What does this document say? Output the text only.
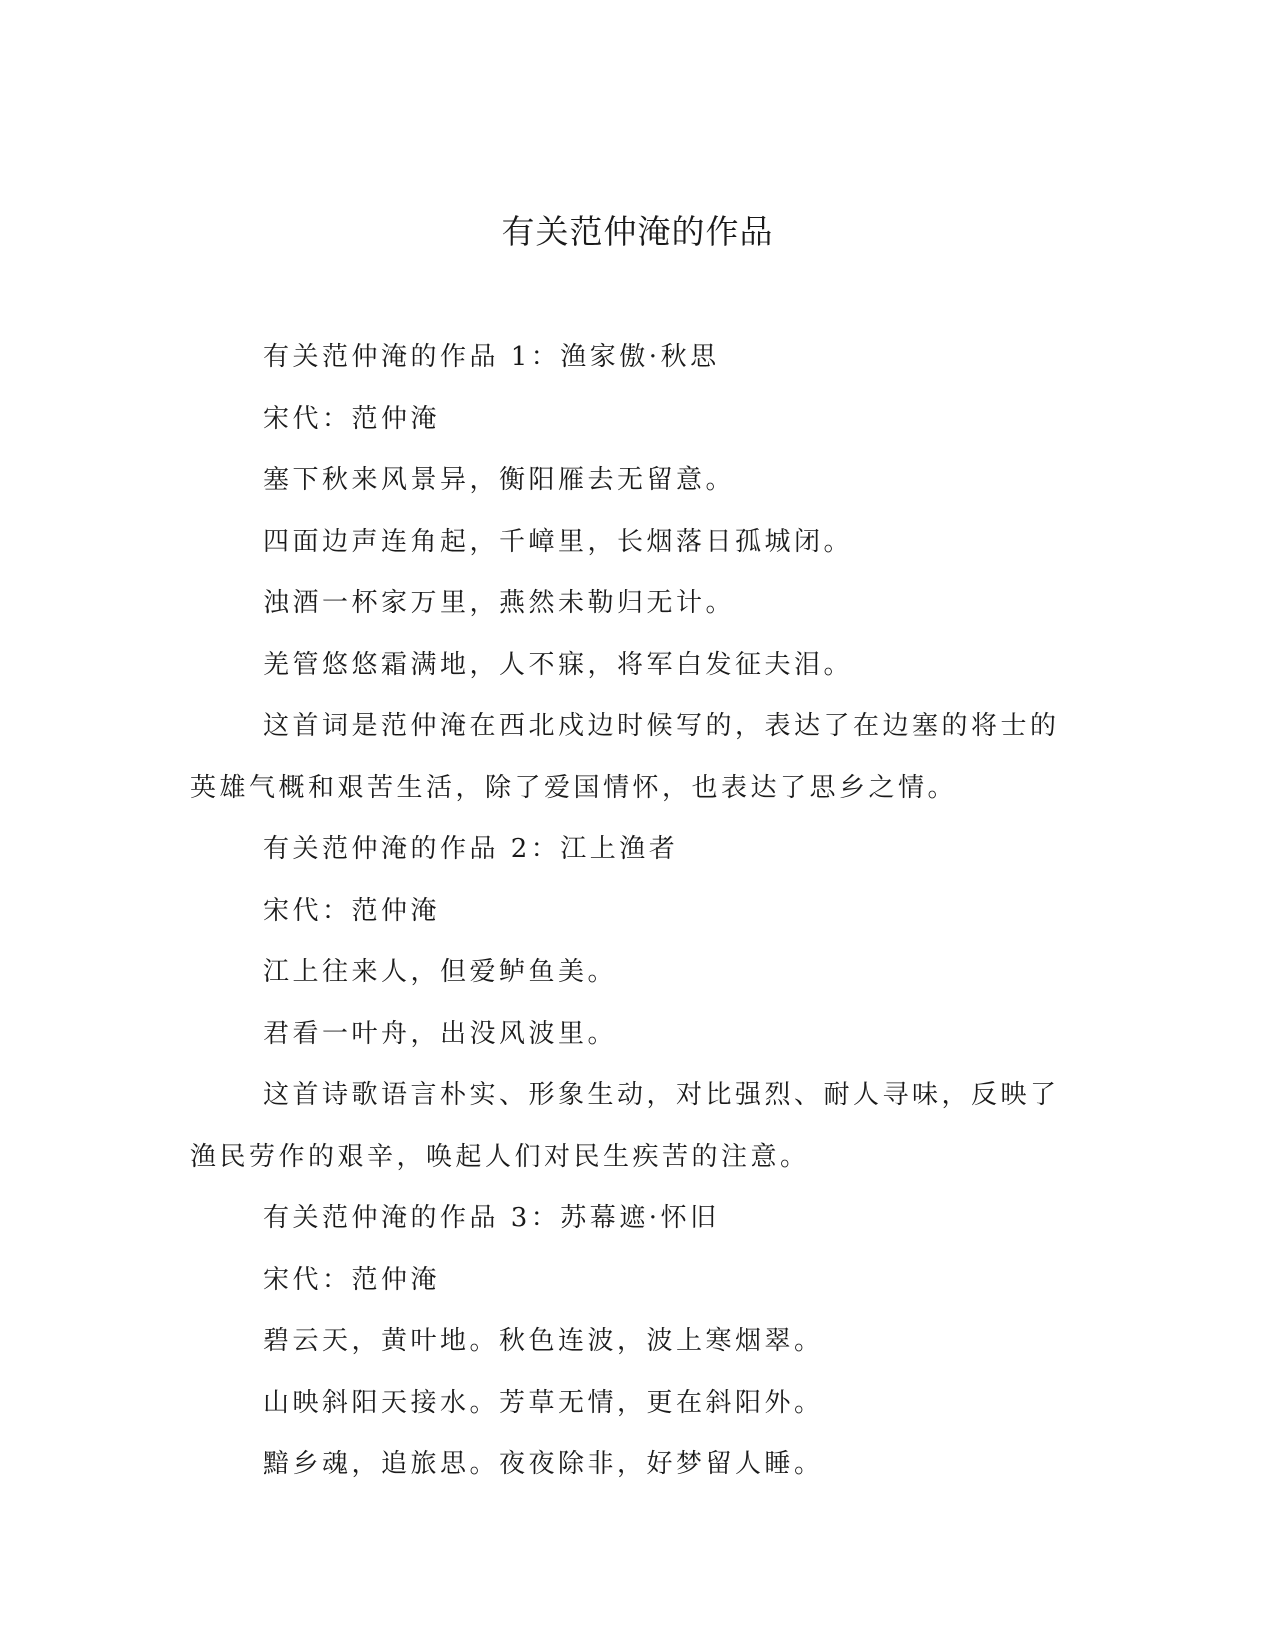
有关范仲淹的作品

有关范仲淹的作品 1：渔家傲·秋思

宋代：范仲淹

塞下秋来风景异，衡阳雁去无留意。

四面边声连角起，千嶂里，长烟落日孤城闭。

浊酒一杯家万里，燕然未勒归无计。

羌管悠悠霜满地，人不寐，将军白发征夫泪。

这首词是范仲淹在西北戍边时候写的，表达了在边塞的将士的英雄气概和艰苦生活，除了爱国情怀，也表达了思乡之情。

有关范仲淹的作品 2：江上渔者

宋代：范仲淹

江上往来人，但爱鲈鱼美。

君看一叶舟，出没风波里。

这首诗歌语言朴实、形象生动，对比强烈、耐人寻味，反映了渔民劳作的艰辛，唤起人们对民生疾苦的注意。

有关范仲淹的作品 3：苏幕遮·怀旧

宋代：范仲淹

碧云天，黄叶地。秋色连波，波上寒烟翠。

山映斜阳天接水。芳草无情，更在斜阳外。

黯乡魂，追旅思。夜夜除非，好梦留人睡。
